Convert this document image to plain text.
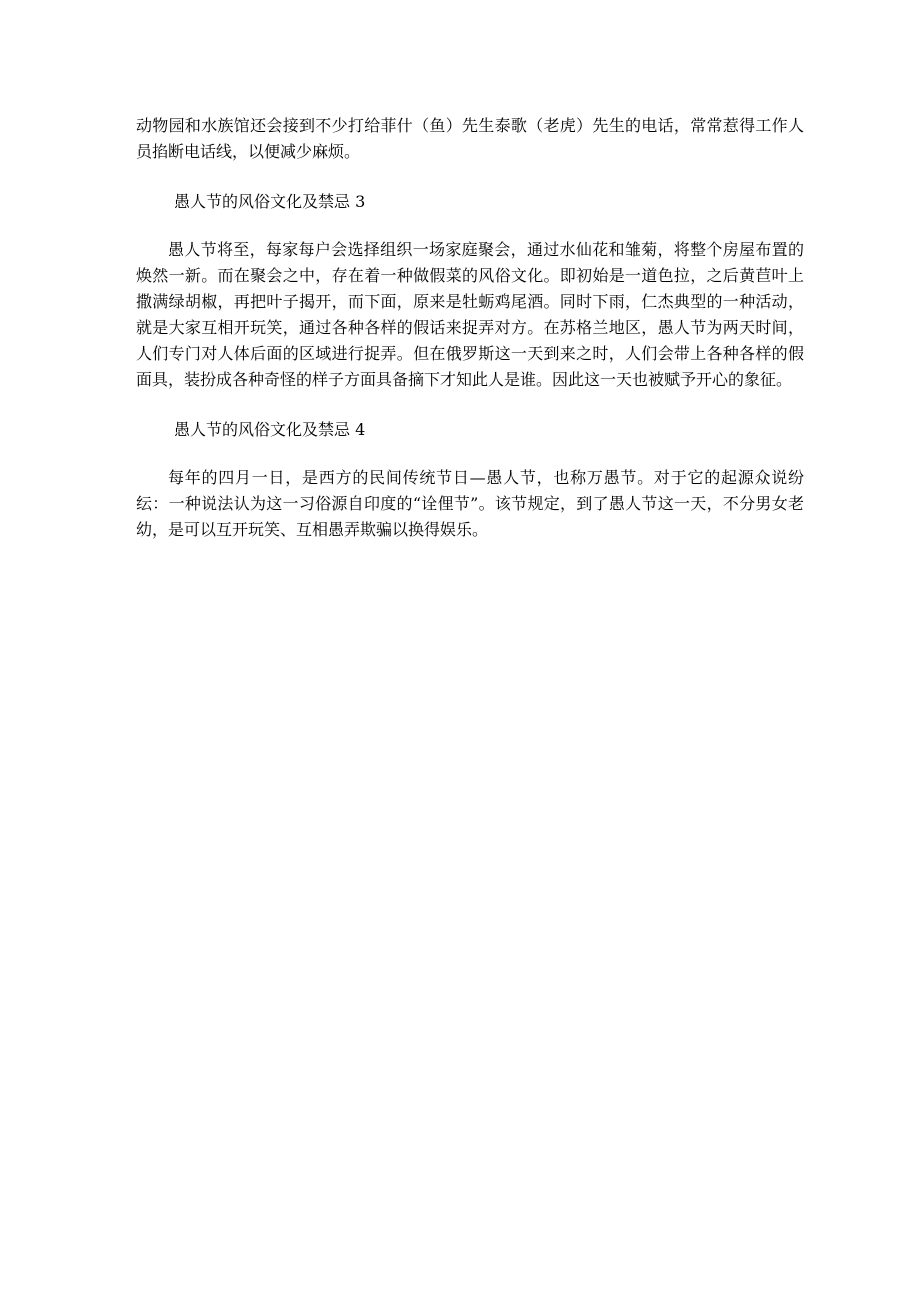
动物园和水族馆还会接到不少打给菲什（鱼）先生泰歌（老虎）先生的电话，常常惹得工作人员掐断电话线，以便减少麻烦。

愚人节的风俗文化及禁忌 3

愚人节将至，每家每户会选择组织一场家庭聚会，通过水仙花和雏菊，将整个房屋布置的焕然一新。而在聚会之中，存在着一种做假菜的风俗文化。即初始是一道色拉，之后黄苣叶上撒满绿胡椒，再把叶子揭开，而下面，原来是牡蛎鸡尾酒。同时下雨，仁杰典型的一种活动，就是大家互相开玩笑，通过各种各样的假话来捉弄对方。在苏格兰地区，愚人节为两天时间，人们专门对人体后面的区域进行捉弄。但在俄罗斯这一天到来之时，人们会带上各种各样的假面具，装扮成各种奇怪的样子方面具备摘下才知此人是谁。因此这一天也被赋予开心的象征。

愚人节的风俗文化及禁忌 4

每年的四月一日，是西方的民间传统节日—愚人节，也称万愚节。对于它的起源众说纷纭：一种说法认为这一习俗源自印度的“诠俚节”。该节规定，到了愚人节这一天，不分男女老幼，是可以互开玩笑、互相愚弄欺骗以换得娱乐。
